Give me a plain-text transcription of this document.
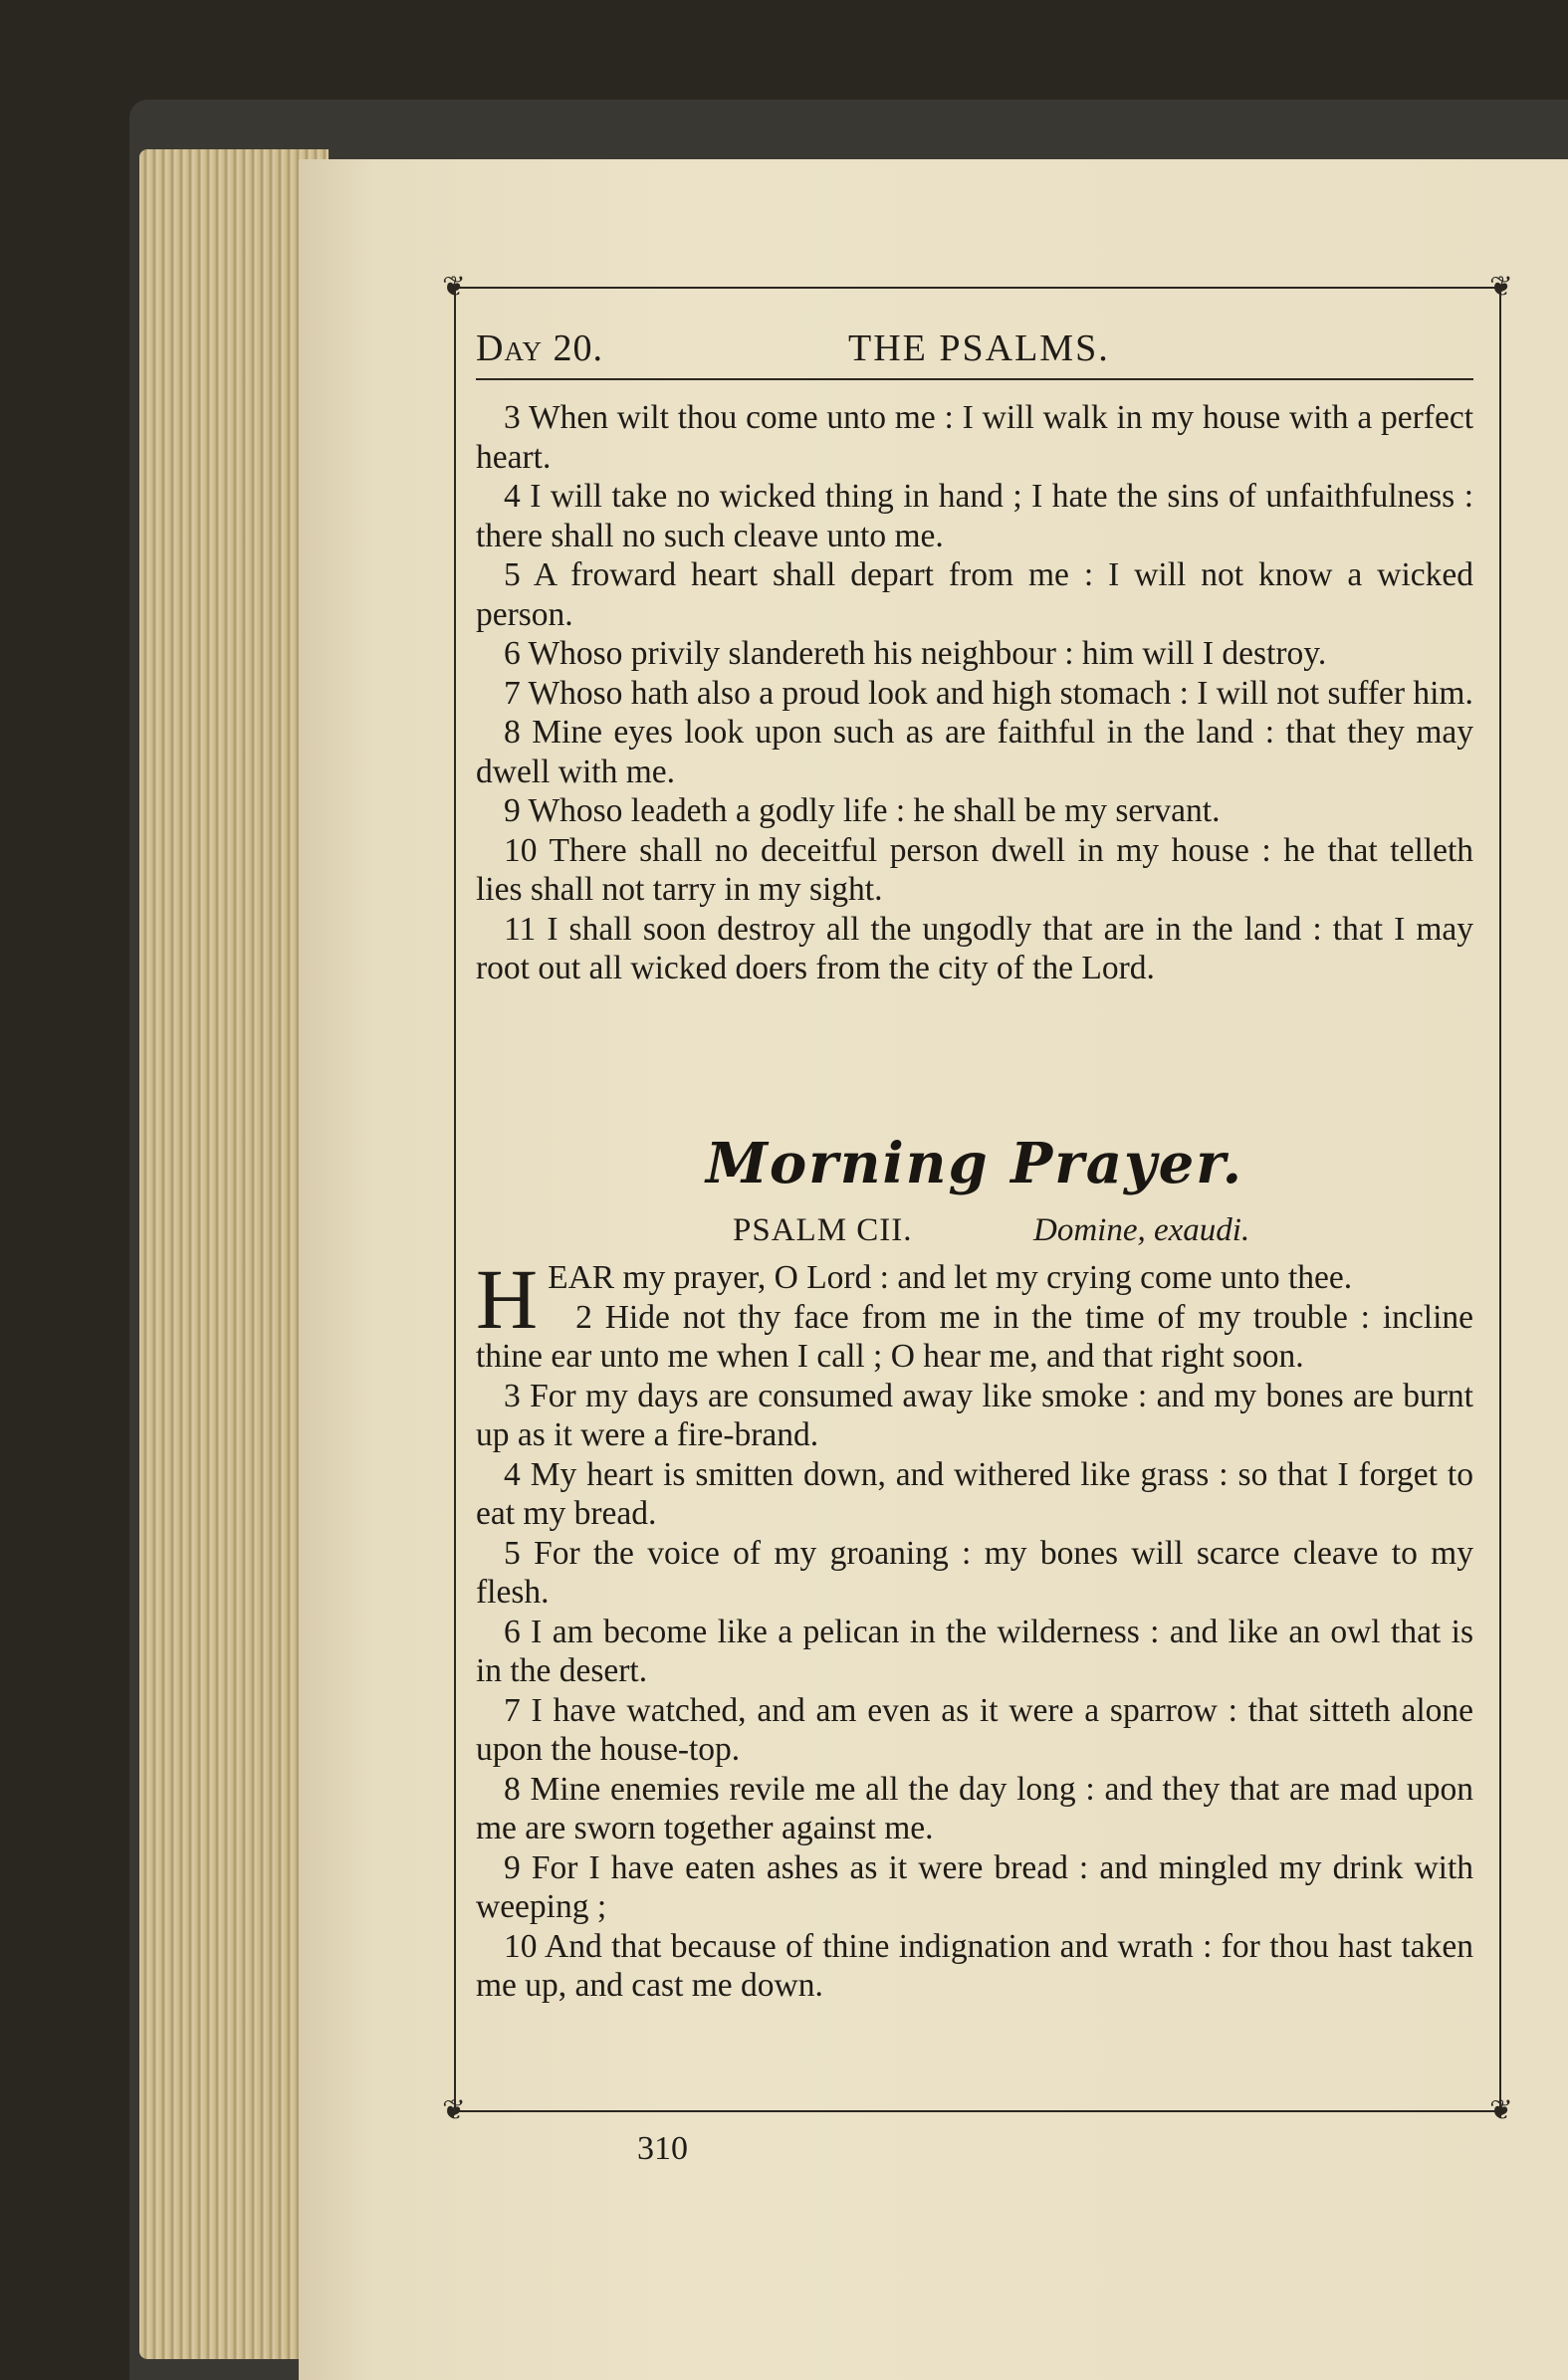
❦	❦
❦	❦
Day 20.	THE PSALMS.

3 When wilt thou come unto me : I will walk in my house with a perfect heart.

4 I will take no wicked thing in hand ; I hate the sins of unfaithfulness : there shall no such cleave unto me.

5 A froward heart shall depart from me : I will not know a wicked person.

6 Whoso privily slandereth his neighbour : him will I destroy.

7 Whoso hath also a proud look and high stomach : I will not suffer him.

8 Mine eyes look upon such as are faithful in the land : that they may dwell with me.

9 Whoso leadeth a godly life : he shall be my servant.

10 There shall no deceitful person dwell in my house : he that telleth lies shall not tarry in my sight.

11 I shall soon destroy all the ungodly that are in the land : that I may root out all wicked doers from the city of the Lord.

Morning Prayer.
PSALM CII.	Domine, exaudi.

HEAR my prayer, O Lord : and let my crying come unto thee.

2 Hide not thy face from me in the time of my trouble : incline thine ear unto me when I call ; O hear me, and that right soon.

3 For my days are consumed away like smoke : and my bones are burnt up as it were a fire-brand.

4 My heart is smitten down, and withered like grass : so that I forget to eat my bread.

5 For the voice of my groaning : my bones will scarce cleave to my flesh.

6 I am become like a pelican in the wilderness : and like an owl that is in the desert.

7 I have watched, and am even as it were a sparrow : that sitteth alone upon the house-top.

8 Mine enemies revile me all the day long : and they that are mad upon me are sworn together against me.

9 For I have eaten ashes as it were bread : and mingled my drink with weeping ;

10 And that because of thine indignation and wrath : for thou hast taken me up, and cast me down.

310
